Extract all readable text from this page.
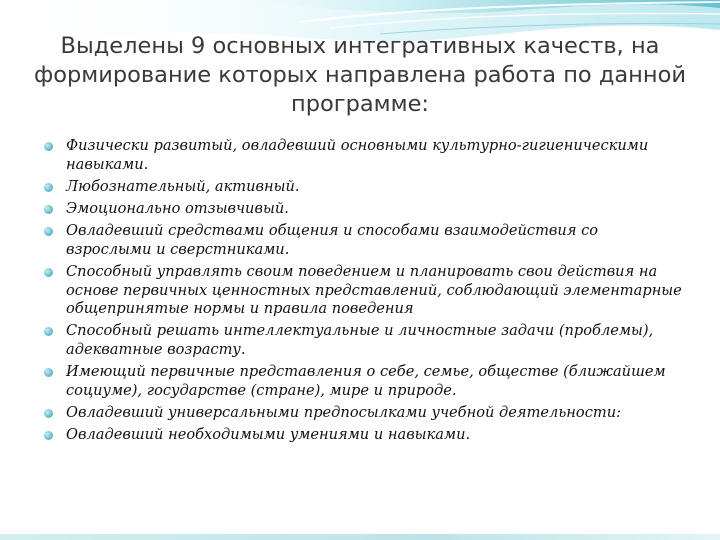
Выделены 9 основных интегративных качеств, на
формирование которых направлена работа по данной
программе:
Физически развитый, овладевший основными культурно-гигиеническими навыками.
Любознательный, активный.
Эмоционально отзывчивый.
Овладевший средствами общения и способами взаимодействия со взрослыми и сверстниками.
Способный управлять своим поведением и планировать свои действия на основе первичных ценностных представлений, соблюдающий элементарные общепринятые нормы и правила поведения
Способный решать интеллектуальные и личностные задачи (проблемы), адекватные возрасту.
Имеющий первичные представления о себе, семье, обществе (ближайшем социуме), государстве (стране), мире и природе.
Овладевший универсальными предпосылками учебной деятельности:
Овладевший необходимыми умениями и навыками.
